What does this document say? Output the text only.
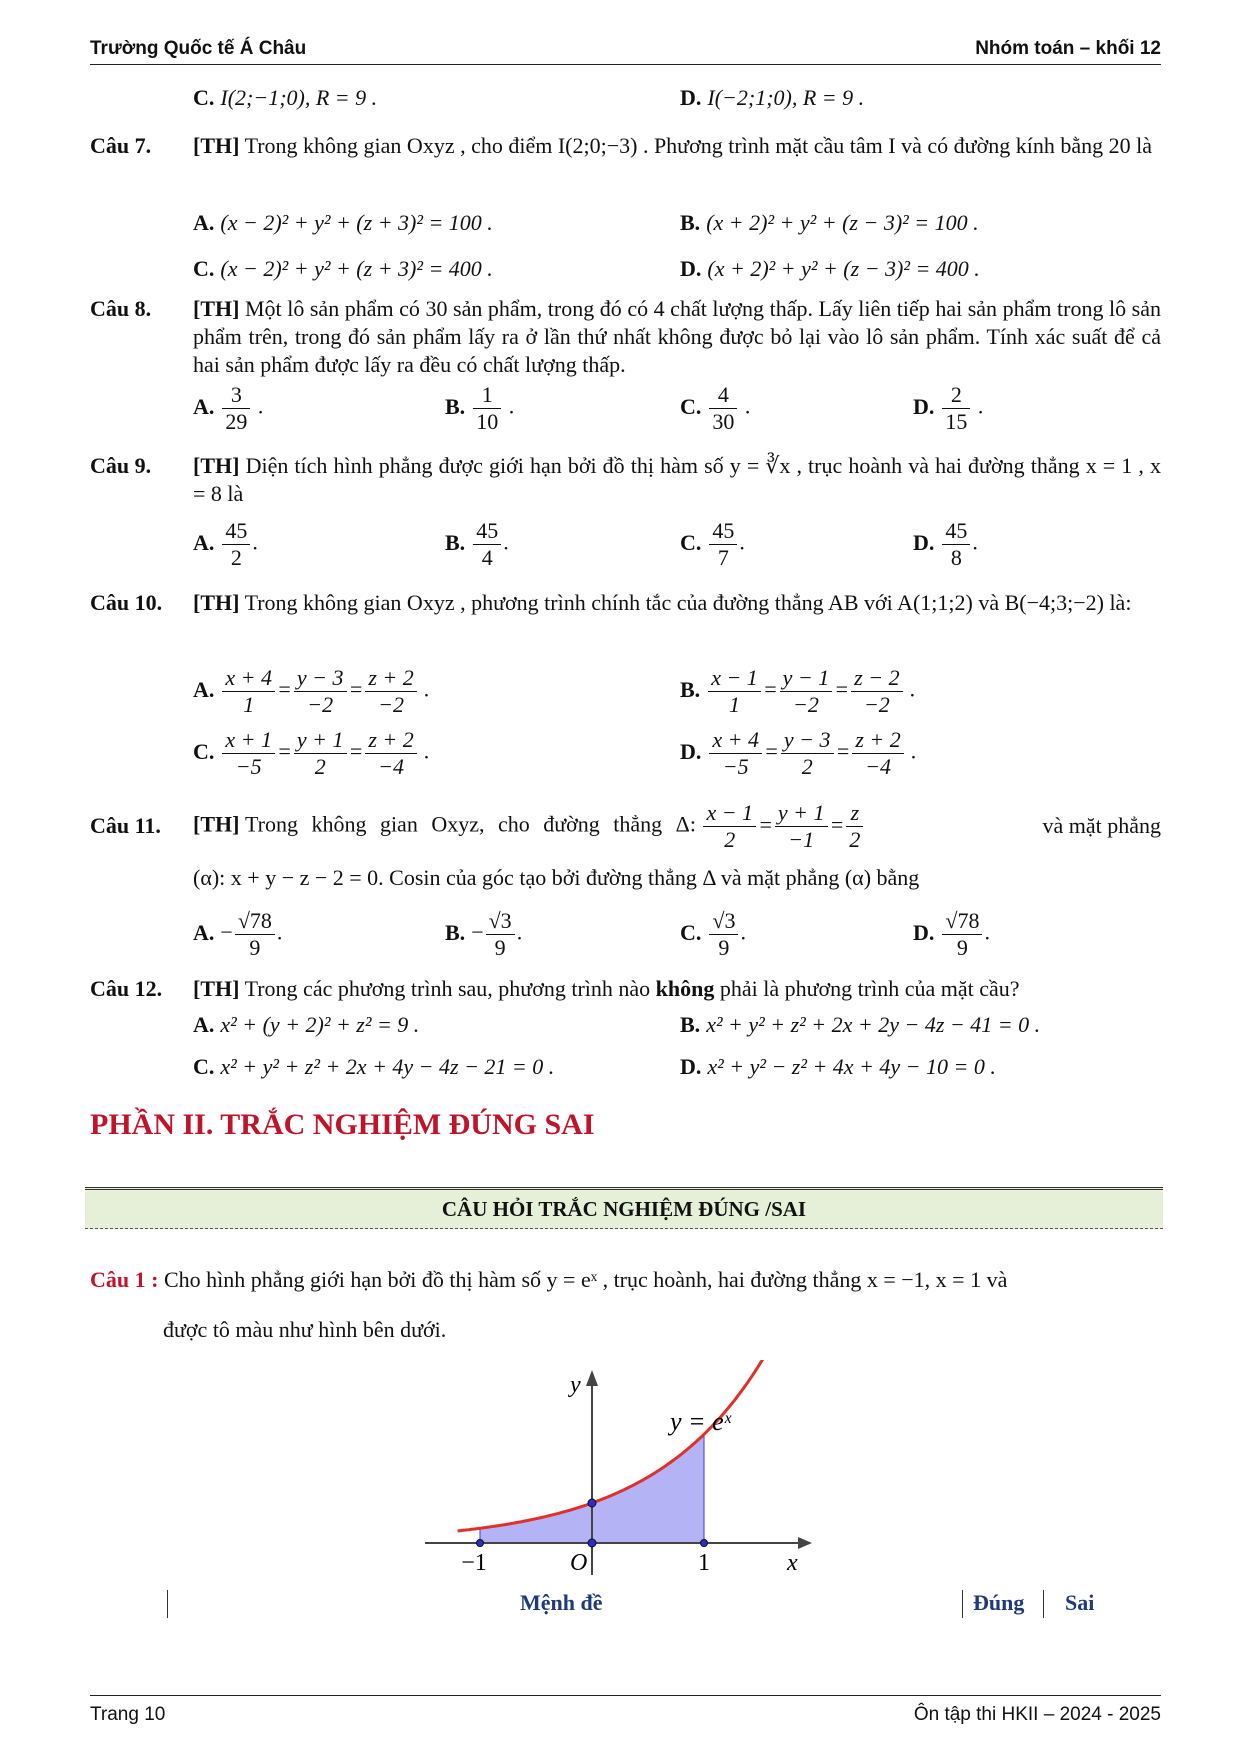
Trường Quốc tế Á Châu	Nhóm toán – khối 12
C. I(2;−1;0), R = 9 .	D. I(−2;1;0), R = 9 .
Câu 7. [TH] Trong không gian Oxyz , cho điểm I(2;0;−3) . Phương trình mặt cầu tâm I và có đường kính bằng 20 là
A. (x − 2)² + y² + (z + 3)² = 100 .	B. (x + 2)² + y² + (z − 3)² = 100 .
C. (x − 2)² + y² + (z + 3)² = 400 .	D. (x + 2)² + y² + (z − 3)² = 400 .
Câu 8. [TH] Một lô sản phẩm có 30 sản phẩm, trong đó có 4 chất lượng thấp. Lấy liên tiếp hai sản phẩm trong lô sản phẩm trên, trong đó sản phẩm lấy ra ở lần thứ nhất không được bỏ lại vào lô sản phẩm. Tính xác suất để cả hai sản phẩm được lấy ra đều có chất lượng thấp.
A. $\frac{3}{29}$ .	B. $\frac{1}{10}$ .	C. $\frac{4}{30}$ .	D. $\frac{2}{15}$ .
Câu 9. [TH] Diện tích hình phẳng được giới hạn bởi đồ thị hàm số y = ∛x , trục hoành và hai đường thẳng x = 1 , x = 8 là
A. $\frac{45}{2}$ .	B. $\frac{45}{4}$ .	C. $\frac{45}{7}$ .	D. $\frac{45}{8}$ .
Câu 10. [TH] Trong không gian Oxyz , phương trình chính tắc của đường thẳng AB với A(1;1;2) và B(−4;3;−2) là:
A. $\frac{x + 4}{1} = \frac{y - 3}{-2} = \frac{z + 2}{-2}$ .	B. $\frac{x - 1}{1} = \frac{y - 1}{-2} = \frac{z - 2}{-2}$ .
C. $\frac{x + 1}{-5} = \frac{y + 1}{2} = \frac{z + 2}{-4}$ .	D. $\frac{x + 4}{-5} = \frac{y - 3}{2} = \frac{z + 2}{-4}$ .
Câu 11. [TH] Trong không gian Oxyz, cho đường thẳng Δ: $\frac{x - 1}{2} = \frac{y + 1}{-1} = \frac{z}{2}$	và mặt phẳng
(α): x + y − z − 2 = 0. Cosin của góc tạo bởi đường thẳng Δ và mặt phẳng (α) bằng
A. − $\frac{√78}{9}$ .	B. − $\frac{√3}{9}$ .	C. $\frac{√3}{9}$ .	D. $\frac{√78}{9}$ .
Câu 12. [TH] Trong các phương trình sau, phương trình nào không phải là phương trình của mặt cầu?
A. x² + (y + 2)² + z² = 9 .	B. x² + y² + z² + 2x + 2y − 4z − 41 = 0 .
C. x² + y² + z² + 2x + 4y − 4z − 21 = 0 .	D. x² + y² − z² + 4x + 4y − 10 = 0 .
PHẦN II. TRẮC NGHIỆM ĐÚNG SAI
CÂU HỎI TRẮC NGHIỆM ĐÚNG /SAI
Câu 1 : Cho hình phẳng giới hạn bởi đồ thị hàm số y = eˣ , trục hoành, hai đường thẳng x = −1, x = 1 và
được tô màu như hình bên dưới.
y
x
O
−1	1
y = eˣ
Mệnh đề	Đúng Sai
Trang 10	Ôn tập thi HKII – 2024 - 2025
